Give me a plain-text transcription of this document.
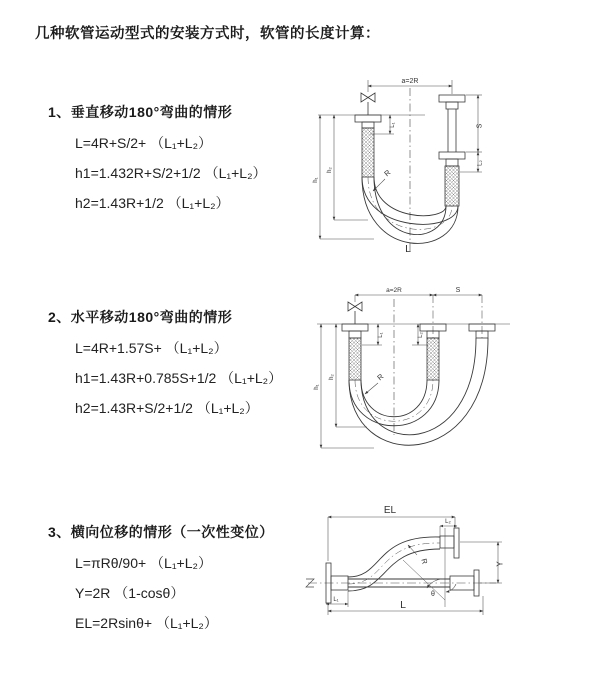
几种软管运动型式的安装方式时，软管的长度计算：
1、垂直移动180°弯曲的情形
L=4R+S/2+ （L₁+L₂）
h1=1.432R+S/2+1/2 （L₁+L₂）
h2=1.43R+1/2 （L₁+L₂）
2、水平移动180°弯曲的情形
L=4R+1.57S+ （L₁+L₂）
h1=1.43R+0.785S+1/2 （L₁+L₂）
h2=1.43R+S/2+1/2 （L₁+L₂）
3、横向位移的情形（一次性变位）
L=πRθ/90+ （L₁+L₂）
Y=2R （1-cosθ）
EL=2Rsinθ+ （L₁+L₂）
a=2R
L₁	S
L₂
h₁
h₂	R
L
a=2R	S
h₁
h₂
L₁	L₂
R
EL
L₂
θ
R	Y
L₁	L
